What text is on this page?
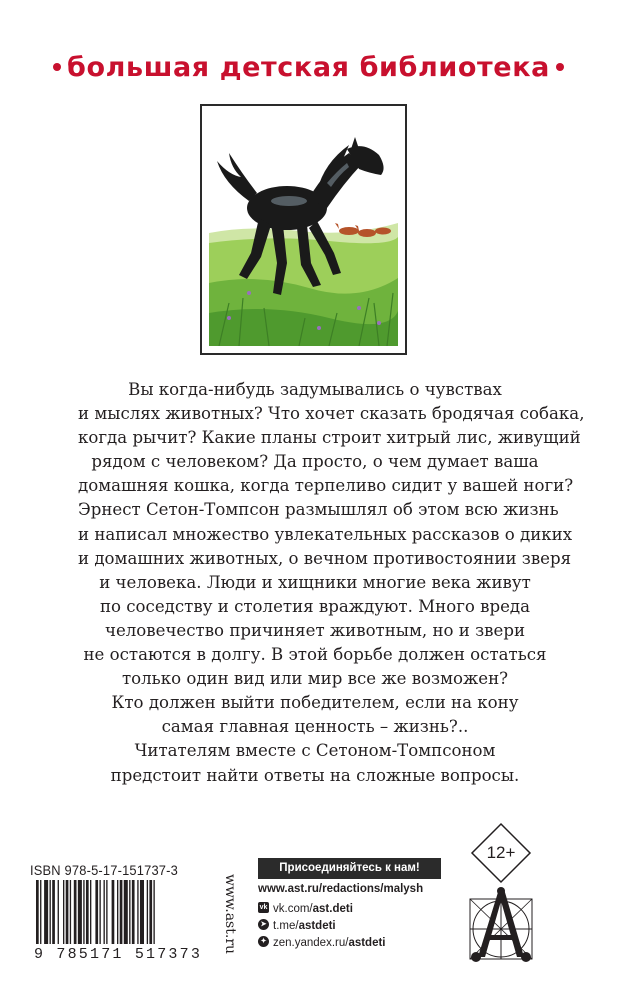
большая детская библиотека
Вы когда-нибудь задумывались о чувствах
и мыслях животных? Что хочет сказать бродячая собака,
когда рычит? Какие планы строит хитрый лис, живущий
рядом с человеком? Да просто, о чем думает ваша
домашняя кошка, когда терпеливо сидит у вашей ноги?
Эрнест Сетон-Томпсон размышлял об этом всю жизнь
и написал множество увлекательных рассказов о диких
и домашних животных, о вечном противостоянии зверя
и человека. Люди и хищники многие века живут
по соседству и столетия враждуют. Много вреда
человечество причиняет животным, но и звери
не остаются в долгу. В этой борьбе должен остаться
только один вид или мир все же возможен?
Кто должен выйти победителем, если на кону
самая главная ценность – жизнь?..
Читателям вместе с Сетоном-Томпсоном
предстоит найти ответы на сложные вопросы.
ISBN 978-5-17-151737-3
9 785171 517373
www.ast.ru
Присоединяйтесь к нам!
www.ast.ru/redactions/malysh
vk vk.com/ast.deti
➤ t.me/astdeti
✦ zen.yandex.ru/astdeti
12+
